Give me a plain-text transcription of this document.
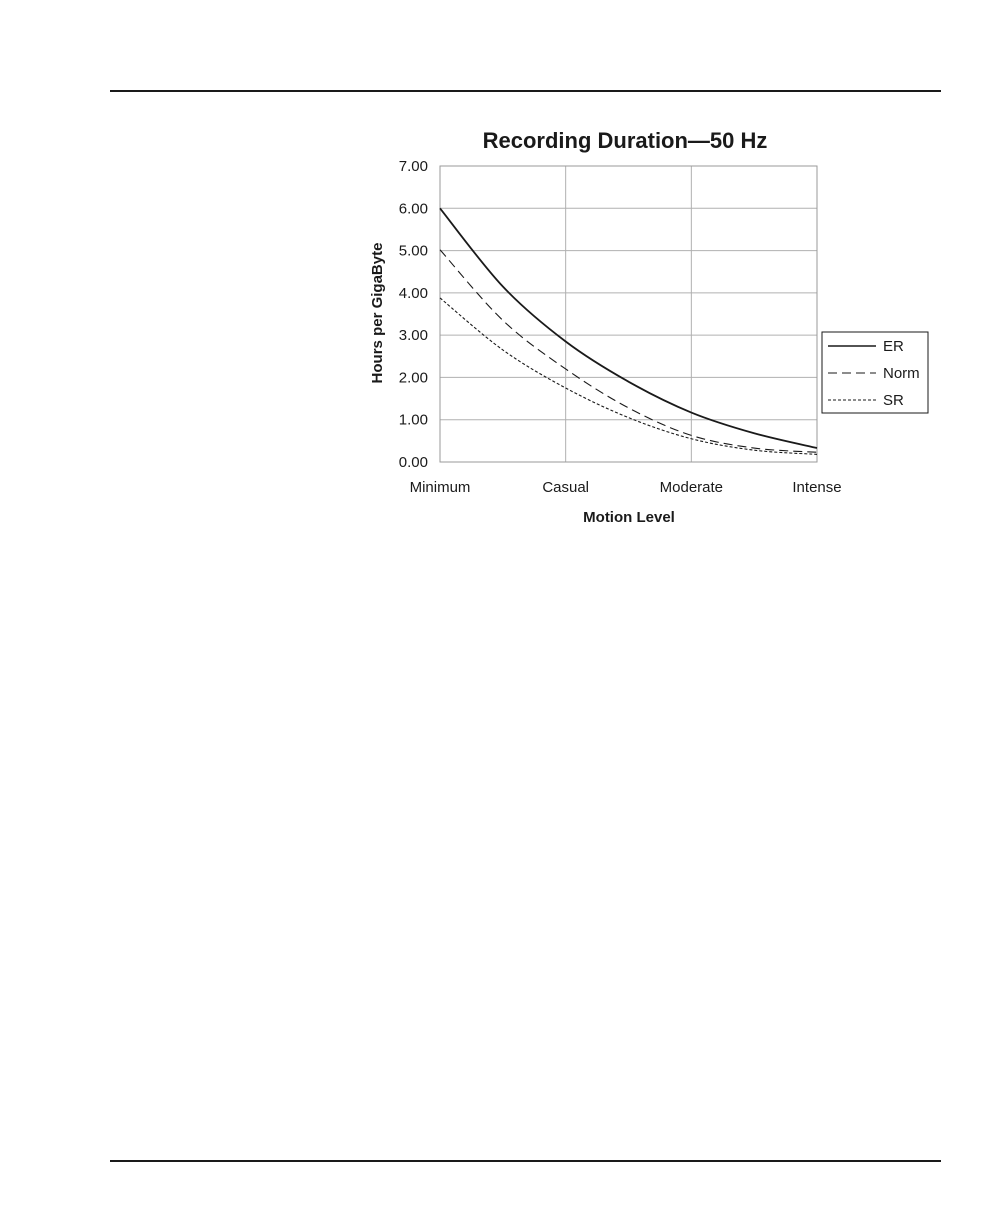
Recording Duration—50 Hz
0.00
1.00
2.00
3.00
4.00
5.00
6.00
7.00
Minimum	Casual	Moderate	Intense
Motion Level
Hours per GigaByte	ER
Norm
SR
